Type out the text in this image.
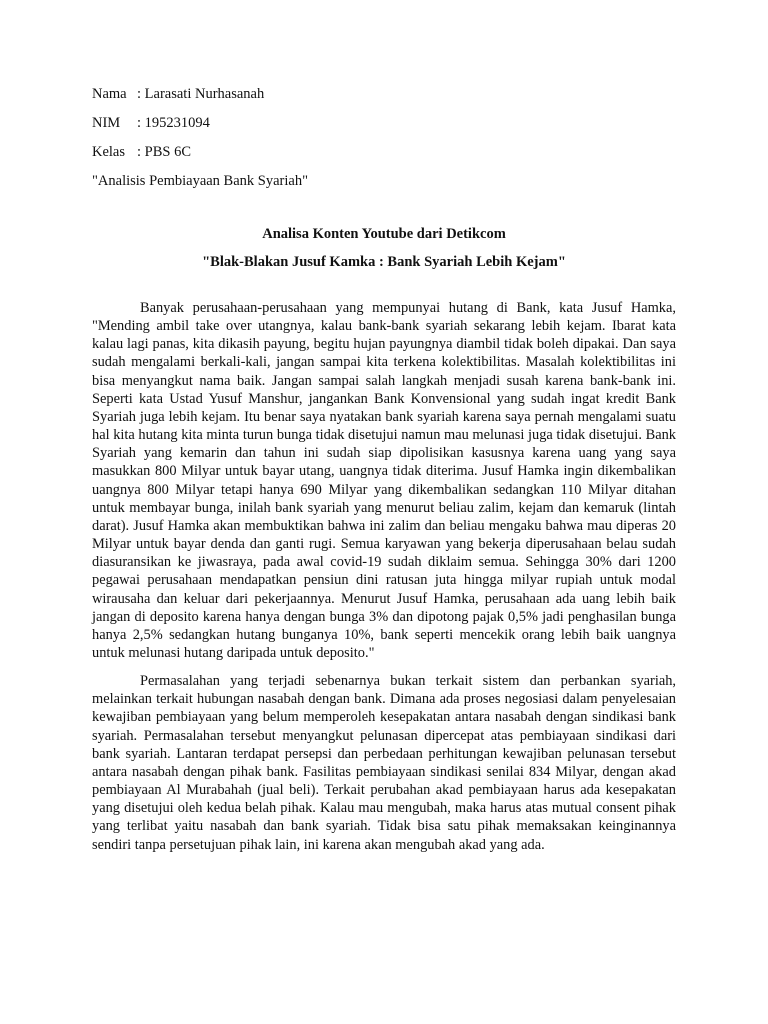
Nama : Larasati Nurhasanah
NIM	: 195231094
Kelas : PBS 6C
"Analisis Pembiayaan Bank Syariah"
Analisa Konten Youtube dari Detikcom
"Blak-Blakan Jusuf Kamka : Bank Syariah Lebih Kejam"

Banyak perusahaan-perusahaan yang mempunyai hutang di Bank, kata Jusuf Hamka, "Mending ambil take over utangnya, kalau bank-bank syariah sekarang lebih kejam. Ibarat kata kalau lagi panas, kita dikasih payung, begitu hujan payungnya diambil tidak boleh dipakai. Dan saya sudah mengalami berkali-kali, jangan sampai kita terkena kolektibilitas. Masalah kolektibilitas ini bisa menyangkut nama baik. Jangan sampai salah langkah menjadi susah karena bank-bank ini. Seperti kata Ustad Yusuf Manshur, jangankan Bank Konvensional yang sudah ingat kredit Bank Syariah juga lebih kejam. Itu benar saya nyatakan bank syariah karena saya pernah mengalami suatu hal kita hutang kita minta turun bunga tidak disetujui namun mau melunasi juga tidak disetujui. Bank Syariah yang kemarin dan tahun ini sudah siap dipolisikan kasusnya karena uang yang saya masukkan 800 Milyar untuk bayar utang, uangnya tidak diterima. Jusuf Hamka ingin dikembalikan uangnya 800 Milyar tetapi hanya 690 Milyar yang dikembalikan sedangkan 110 Milyar ditahan untuk membayar bunga, inilah bank syariah yang menurut beliau zalim, kejam dan kemaruk (lintah darat). Jusuf Hamka akan membuktikan bahwa ini zalim dan beliau mengaku bahwa mau diperas 20 Milyar untuk bayar denda dan ganti rugi. Semua karyawan yang bekerja diperusahaan belau sudah diasuransikan ke jiwasraya, pada awal covid-19 sudah diklaim semua. Sehingga 30% dari 1200 pegawai perusahaan mendapatkan pensiun dini ratusan juta hingga milyar rupiah untuk modal wirausaha dan keluar dari pekerjaannya. Menurut Jusuf Hamka, perusahaan ada uang lebih baik jangan di deposito karena hanya dengan bunga 3% dan dipotong pajak 0,5% jadi penghasilan bunga hanya 2,5% sedangkan hutang bunganya 10%, bank seperti mencekik orang lebih baik uangnya untuk melunasi hutang daripada untuk deposito."

Permasalahan yang terjadi sebenarnya bukan terkait sistem dan perbankan syariah, melainkan terkait hubungan nasabah dengan bank. Dimana ada proses negosiasi dalam penyelesaian kewajiban pembiayaan yang belum memperoleh kesepakatan antara nasabah dengan sindikasi bank syariah. Permasalahan tersebut menyangkut pelunasan dipercepat atas pembiayaan sindikasi dari bank syariah. Lantaran terdapat persepsi dan perbedaan perhitungan kewajiban pelunasan tersebut antara nasabah dengan pihak bank. Fasilitas pembiayaan sindikasi senilai 834 Milyar, dengan akad pembiayaan Al Murabahah (jual beli). Terkait perubahan akad pembiayaan harus ada kesepakatan yang disetujui oleh kedua belah pihak. Kalau mau mengubah, maka harus atas mutual consent pihak yang terlibat yaitu nasabah dan bank syariah. Tidak bisa satu pihak memaksakan keinginannya sendiri tanpa persetujuan pihak lain, ini karena akan mengubah akad yang ada.
